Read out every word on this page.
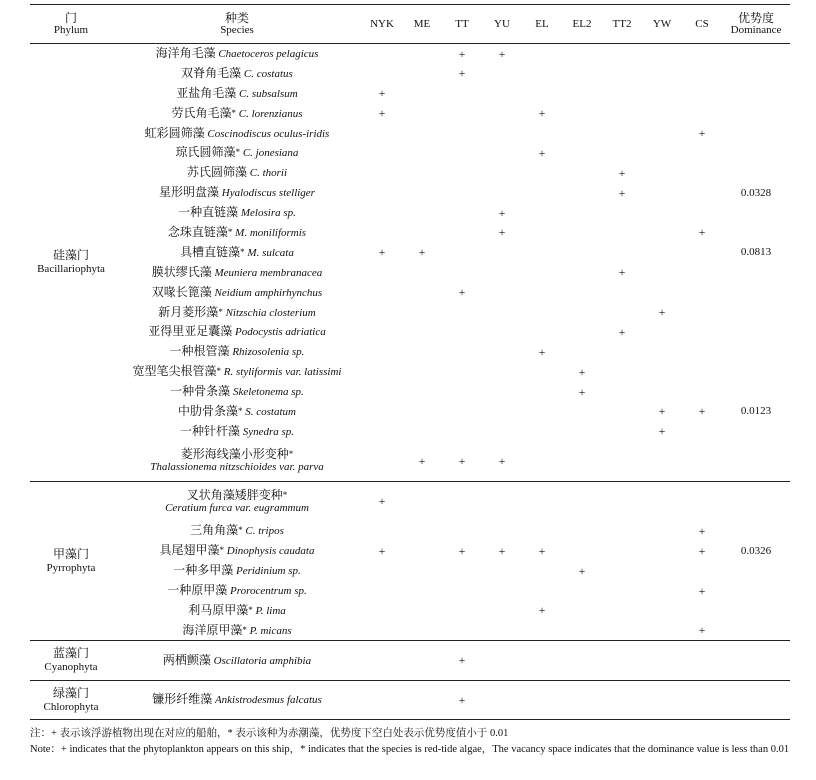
门
Phylum	种类
Species	NYK	ME	TT	YU	EL	EL2	TT2	YW	CS	优势度
Dominance

硅藻门
Bacillariophyta	海洋角毛藻 Chaetoceros pelagicus			+	+						
	双脊角毛藻 C. costatus			+							
	亚盐角毛藻 C. subsalsum	+									
	劳氏角毛藻* C. lorenzianus	+				+					
	虹彩圆筛藻 Coscinodiscus oculus-iridis									+	
	琼氏圆筛藻* C. jonesiana					+					
	苏氏圆筛藻 C. thorii							+			
	星形明盘藻 Hyalodiscus stelliger							+			0.0328
	一种直链藻 Melosira sp.				+						
	念珠直链藻* M. moniliformis				+					+	
	具槽直链藻* M. sulcata	+	+								0.0813
	膜状缪氏藻 Meuniera membranacea							+			
	双喙长篦藻 Neidium amphirhynchus			+							
	新月菱形藻* Nitzschia closterium								+		
	亚得里亚足囊藻 Podocystis adriatica							+			
	一种根管藻 Rhizosolenia sp.					+					
	宽型笔尖根管藻* R. styliformis var. latissimi						+				
	一种骨条藻 Skeletonema sp.						+				
	中肋骨条藻* S. costatum								+	+	0.0123
	一种针杆藻 Synedra sp.								+		

	菱形海线藻小形变种*
Thalassionema nitzschioides var. parva		+	+	+						

甲藻门
Pyrrophyta	叉状角藻矮胖变种*
Ceratium furca var. eugrammum	+									
	三角角藻* C. tripos									+	
	具尾翅甲藻* Dinophysis caudata	+		+	+	+				+	0.0326
	一种多甲藻 Peridinium sp.						+				
	一种原甲藻 Prorocentrum sp.									+	
	利马原甲藻* P. lima					+					
	海洋原甲藻* P. micans									+	

蓝藻门
Cyanophyta	两栖颤藻 Oscillatoria amphibia			+							

绿藻门
Chlorophyta	镰形纤维藻 Ankistrodesmus falcatus			+							
注：+ 表示该浮游植物出现在对应的船舶，* 表示该种为赤潮藻，优势度下空白处表示优势度值小于 0.01
Note：+ indicates that the phytoplankton appears on this ship，* indicates that the species is red-tide algae，The vacancy space indicates that the dominance value is less than 0.01
